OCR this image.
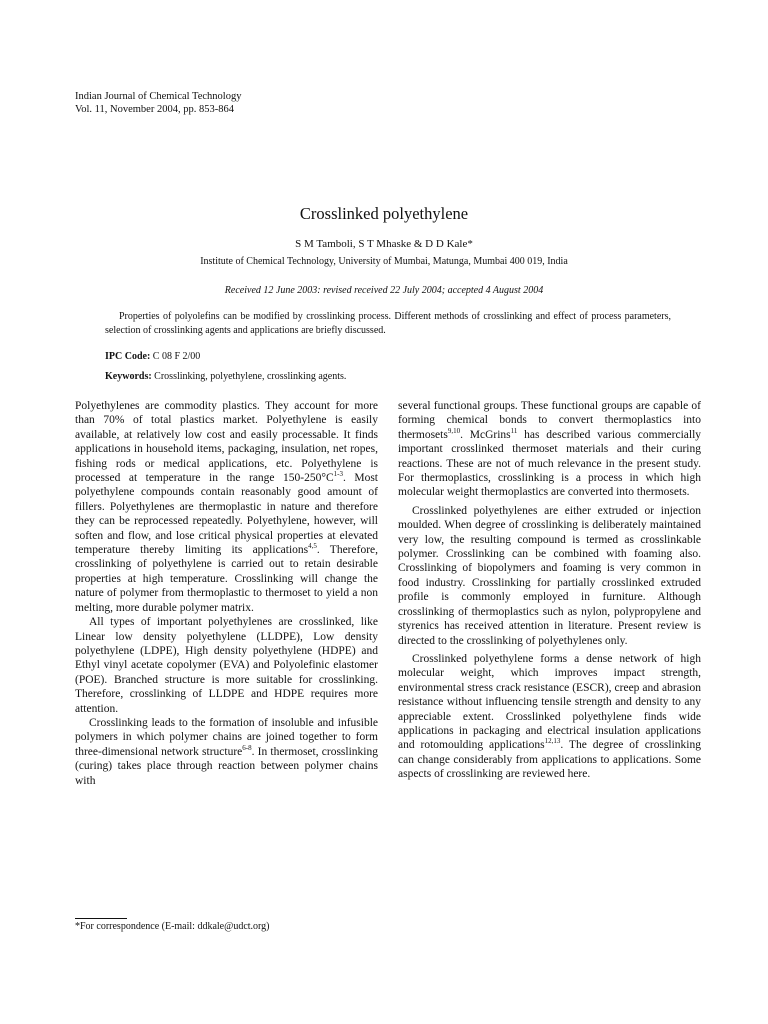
Indian Journal of Chemical Technology
Vol. 11, November 2004, pp. 853-864
Crosslinked polyethylene
S M Tamboli, S T Mhaske & D D Kale*
Institute of Chemical Technology, University of Mumbai, Matunga, Mumbai 400 019, India
Received 12 June 2003: revised received 22 July 2004; accepted 4 August 2004

Properties of polyolefins can be modified by crosslinking process. Different methods of crosslinking and effect of process parameters, selection of crosslinking agents and applications are briefly discussed.

IPC Code: C 08 F 2/00
Keywords: Crosslinking, polyethylene, crosslinking agents.

Polyethylenes are commodity plastics. They account for more than 70% of total plastics market. Polyethylene is easily available, at relatively low cost and easily processable. It finds applications in household items, packaging, insulation, net ropes, fishing rods or medical applications, etc. Polyethylene is processed at temperature in the range $150-250^\circ C^{1-3}$. Most polyethylene compounds contain reasonably good amount of fillers. Polyethylenes are thermoplastic in nature and therefore they can be reprocessed repeatedly. Polyethylene, however, will soften and flow, and lose critical physical properties at elevated temperature thereby limiting its applications$^{4,5}$. Therefore, crosslinking of polyethylene is carried out to retain desirable properties at high temperature. Crosslinking will change the nature of polymer from thermoplastic to thermoset to yield a non melting, more durable polymer matrix.

All types of important polyethylenes are crosslinked, like Linear low density polyethylene (LLDPE), Low density polyethylene (LDPE), High density polyethylene (HDPE) and Ethyl vinyl acetate copolymer (EVA) and Polyolefinic elastomer (POE). Branched structure is more suitable for crosslinking. Therefore, crosslinking of LLDPE and HDPE requires more attention.

Crosslinking leads to the formation of insoluble and infusible polymers in which polymer chains are joined together to form three-dimensional network structure$^{6-8}$. In thermoset, crosslinking (curing) takes place through reaction between polymer chains with

several functional groups. These functional groups are capable of forming chemical bonds to convert thermoplastics into thermosets$^{9,10}$. McGrins$^{11}$ has described various commercially important crosslinked thermoset materials and their curing reactions. These are not of much relevance in the present study. For thermoplastics, crosslinking is a process in which high molecular weight thermoplastics are converted into thermosets.

Crosslinked polyethylenes are either extruded or injection moulded. When degree of crosslinking is deliberately maintained very low, the resulting compound is termed as crosslinkable polymer. Crosslinking can be combined with foaming also. Crosslinking of biopolymers and foaming is very common in food industry. Crosslinking for partially crosslinked extruded profile is commonly employed in furniture. Although crosslinking of thermoplastics such as nylon, polypropylene and styrenics has received attention in literature. Present review is directed to the crosslinking of polyethylenes only.

Crosslinked polyethylene forms a dense network of high molecular weight, which improves impact strength, environmental stress crack resistance (ESCR), creep and abrasion resistance without influencing tensile strength and density to any appreciable extent. Crosslinked polyethylene finds wide applications in packaging and electrical insulation applications and rotomoulding applications$^{12,13}$. The degree of crosslinking can change considerably from applications to applications. Some aspects of crosslinking are reviewed here.

*For correspondence (E-mail: ddkale@udct.org)
